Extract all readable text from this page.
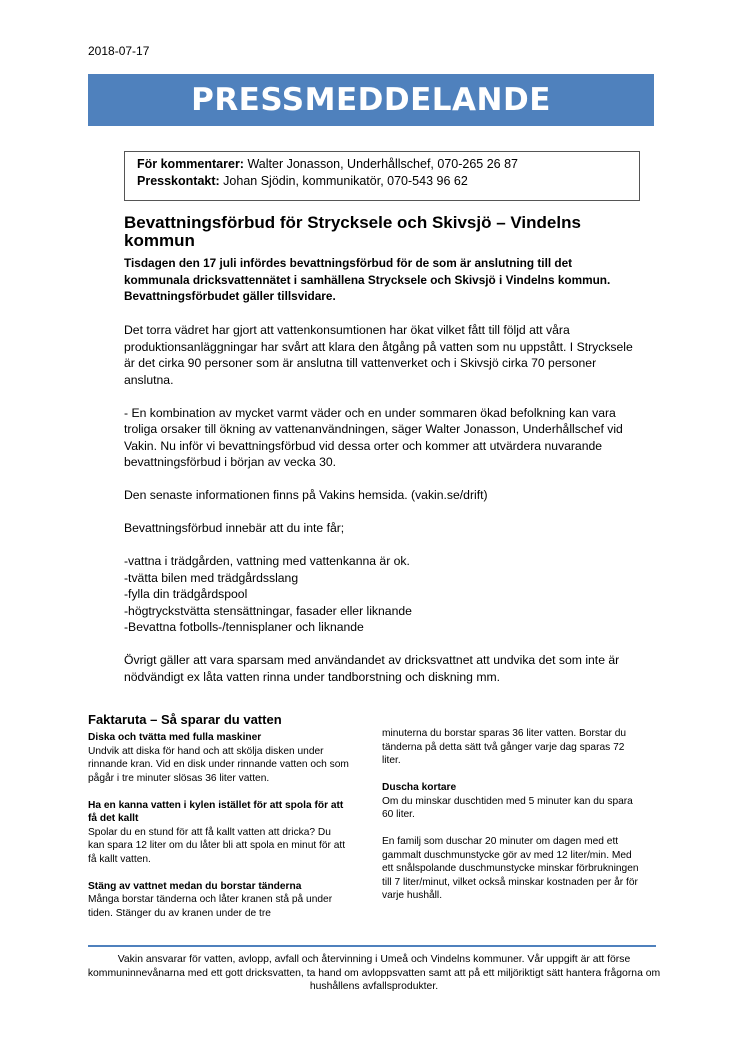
2018-07-17
PRESSMEDDELANDE
För kommentarer: Walter Jonasson, Underhållschef, 070-265 26 87
Presskontakt: Johan Sjödin, kommunikatör, 070-543 96 62
Bevattningsförbud för Strycksele och Skivsjö – Vindelns kommun
Tisdagen den 17 juli infördes bevattningsförbud för de som är anslutning till det kommunala dricksvattennätet i samhällena Strycksele och Skivsjö i Vindelns kommun. Bevattningsförbudet gäller tillsvidare.

Det torra vädret har gjort att vattenkonsumtionen har ökat vilket fått till följd att våra produktionsanläggningar har svårt att klara den åtgång på vatten som nu uppstått. I Strycksele är det cirka 90 personer som är anslutna till vattenverket och i Skivsjö cirka 70 personer anslutna.

- En kombination av mycket varmt väder och en under sommaren ökad befolkning kan vara troliga orsaker till ökning av vattenanvändningen, säger Walter Jonasson, Underhållschef vid Vakin. Nu inför vi bevattningsförbud vid dessa orter och kommer att utvärdera nuvarande bevattningsförbud i början av vecka 30.

Den senaste informationen finns på Vakins hemsida. (vakin.se/drift)

Bevattningsförbud innebär att du inte får;

-vattna i trädgården, vattning med vattenkanna är ok.
-tvätta bilen med trädgårdsslang
-fylla din trädgårdspool
-högtryckstvätta stensättningar, fasader eller liknande
-Bevattna fotbolls-/tennisplaner och liknande

Övrigt gäller att vara sparsam med användandet av dricksvattnet att undvika det som inte är nödvändigt ex låta vatten rinna under tandborstning och diskning mm.

Faktaruta – Så sparar du vatten
Diska och tvätta med fulla maskiner
Undvik att diska för hand och att skölja disken under rinnande kran. Vid en disk under rinnande vatten och som pågår i tre minuter slösas 36 liter vatten.
Ha en kanna vatten i kylen istället för att spola för att få det kallt
Spolar du en stund för att få kallt vatten att dricka? Du kan spara 12 liter om du låter bli att spola en minut för att få kallt vatten.
Stäng av vattnet medan du borstar tänderna
Många borstar tänderna och låter kranen stå på under tiden. Stänger du av kranen under de tre
minuterna du borstar sparas 36 liter vatten. Borstar du tänderna på detta sätt två gånger varje dag sparas 72 liter.
Duscha kortare
Om du minskar duschtiden med 5 minuter kan du spara 60 liter.
En familj som duschar 20 minuter om dagen med ett gammalt duschmunstycke gör av med 12 liter/min. Med ett snålspolande duschmunstycke minskar förbrukningen till 7 liter/minut, vilket också minskar kostnaden per år för varje hushåll.
Vakin ansvarar för vatten, avlopp, avfall och återvinning i Umeå och Vindelns kommuner. Vår uppgift är att förse kommuninnevånarna med ett gott dricksvatten, ta hand om avloppsvatten samt att på ett miljöriktigt sätt hantera frågorna om hushållens avfallsprodukter.
